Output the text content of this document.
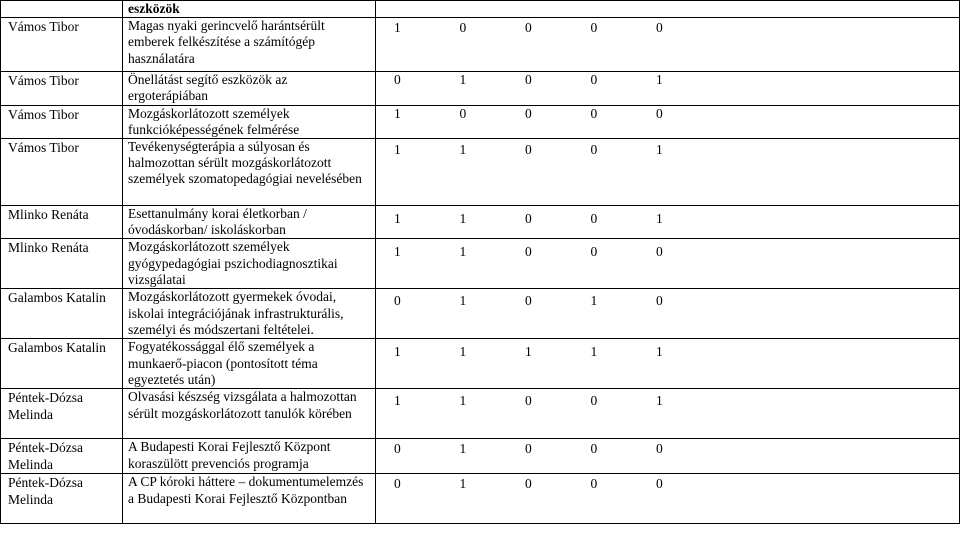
	eszközök	

Vámos Tibor	Magas nyaki gerincvelő harántsérült emberek felkészítése a számítógép használatára	1 0 0 0 0

Vámos Tibor	Önellátást segítő eszközök az ergoterápiában	0 1 0 0 1

Vámos Tibor	Mozgáskorlátozott személyek funkcióképességének felmérése	1 0 0 0 0

Vámos Tibor	Tevékenységterápia a súlyosan és halmozottan sérült mozgáskorlátozott személyek szomatopedagógiai nevelésében	1 1 0 0 1

Mlinko Renáta	Esettanulmány korai életkorban / óvodáskorban/ iskoláskorban	1 1 0 0 1

Mlinko Renáta	Mozgáskorlátozott személyek gyógypedagógiai pszichodiagnosztikai vizsgálatai	1 1 0 0 0

Galambos Katalin	Mozgáskorlátozott gyermekek óvodai, iskolai integrációjának infrastrukturális, személyi és módszertani feltételei.	0 1 0 1 0

Galambos Katalin	Fogyatékossággal élő személyek a munkaerő-piacon (pontosított téma egyeztetés után)	1 1 1 1 1

Péntek-Dózsa Melinda	Olvasási készség vizsgálata a halmozottan sérült mozgáskorlátozott tanulók körében	1 1 0 0 1

Péntek-Dózsa Melinda	A Budapesti Korai Fejlesztő Központ koraszülött prevenciós programja	0 1 0 0 0

Péntek-Dózsa Melinda	A CP kóroki háttere – dokumentumelemzés a Budapesti Korai Fejlesztő Központban	0 1 0 0 0
